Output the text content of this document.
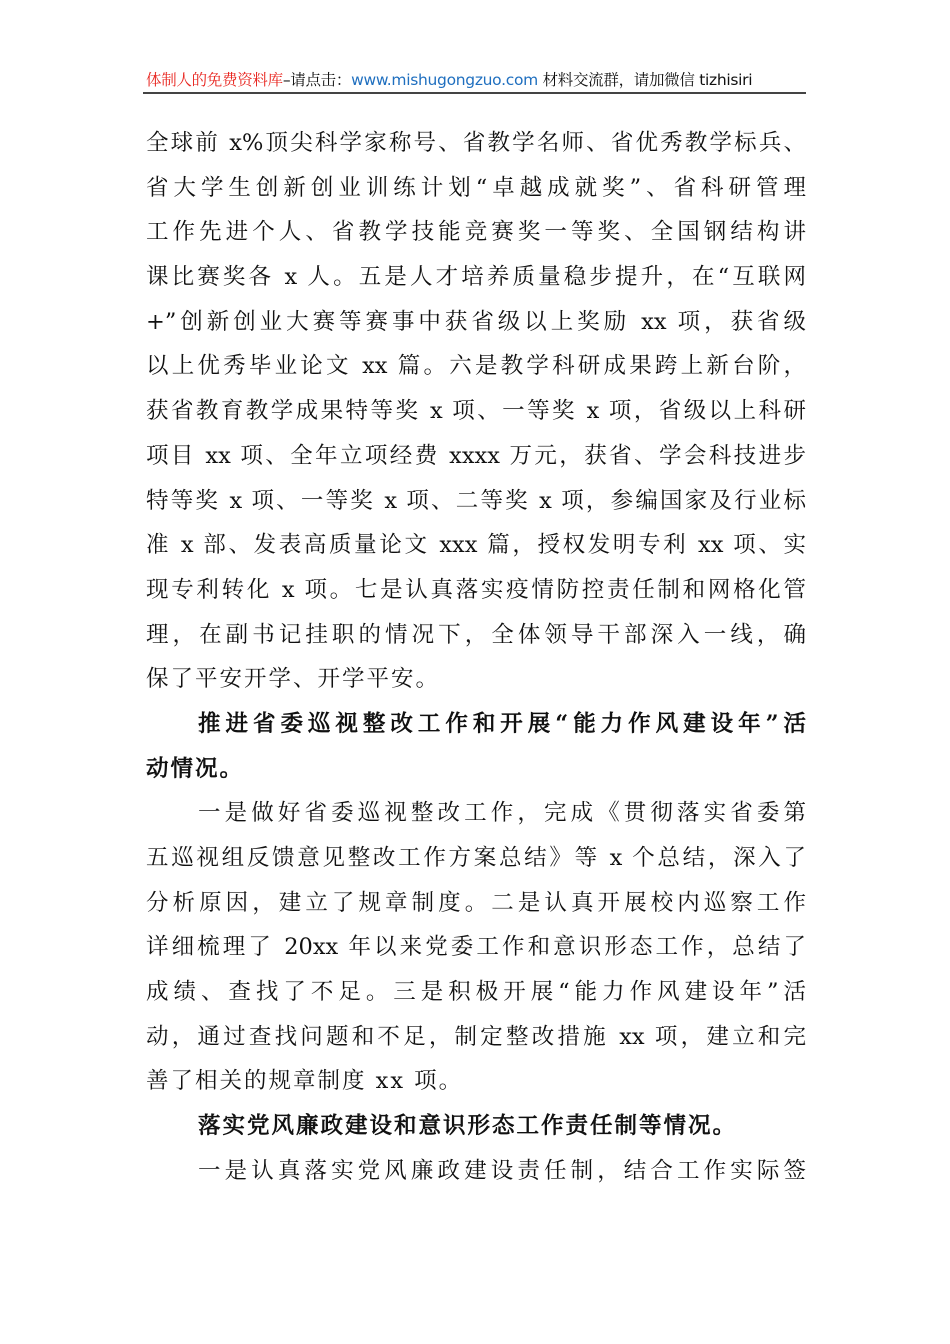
体制人的免费资料库–请点击：www.mishugongzuo.com 材料交流群，请加微信 tizhisiri
全球前 x%顶尖科学家称号、省教学名师、省优秀教学标兵、
省大学生创新创业训练计划“卓越成就奖”、省科研管理
工作先进个人、省教学技能竞赛奖一等奖、全国钢结构讲
课比赛奖各 x 人。五是人才培养质量稳步提升，在“互联网
+”创新创业大赛等赛事中获省级以上奖励 xx 项，获省级
以上优秀毕业论文 xx 篇。六是教学科研成果跨上新台阶，
获省教育教学成果特等奖 x 项、一等奖 x 项，省级以上科研
项目 xx 项、全年立项经费 xxxx 万元，获省、学会科技进步
特等奖 x 项、一等奖 x 项、二等奖 x 项，参编国家及行业标
准 x 部、发表高质量论文 xxx 篇，授权发明专利 xx 项、实
现专利转化 x 项。七是认真落实疫情防控责任制和网格化管
理，在副书记挂职的情况下，全体领导干部深入一线，确
保了平安开学、开学平安。
推进省委巡视整改工作和开展“能力作风建设年”活
动情况。
一是做好省委巡视整改工作，完成《贯彻落实省委第
五巡视组反馈意见整改工作方案总结》等 x 个总结，深入了
分析原因，建立了规章制度。二是认真开展校内巡察工作
详细梳理了 20xx 年以来党委工作和意识形态工作，总结了
成绩、查找了不足。三是积极开展“能力作风建设年”活
动，通过查找问题和不足，制定整改措施 xx 项，建立和完
善了相关的规章制度 xx 项。
落实党风廉政建设和意识形态工作责任制等情况。
一是认真落实党风廉政建设责任制，结合工作实际签
